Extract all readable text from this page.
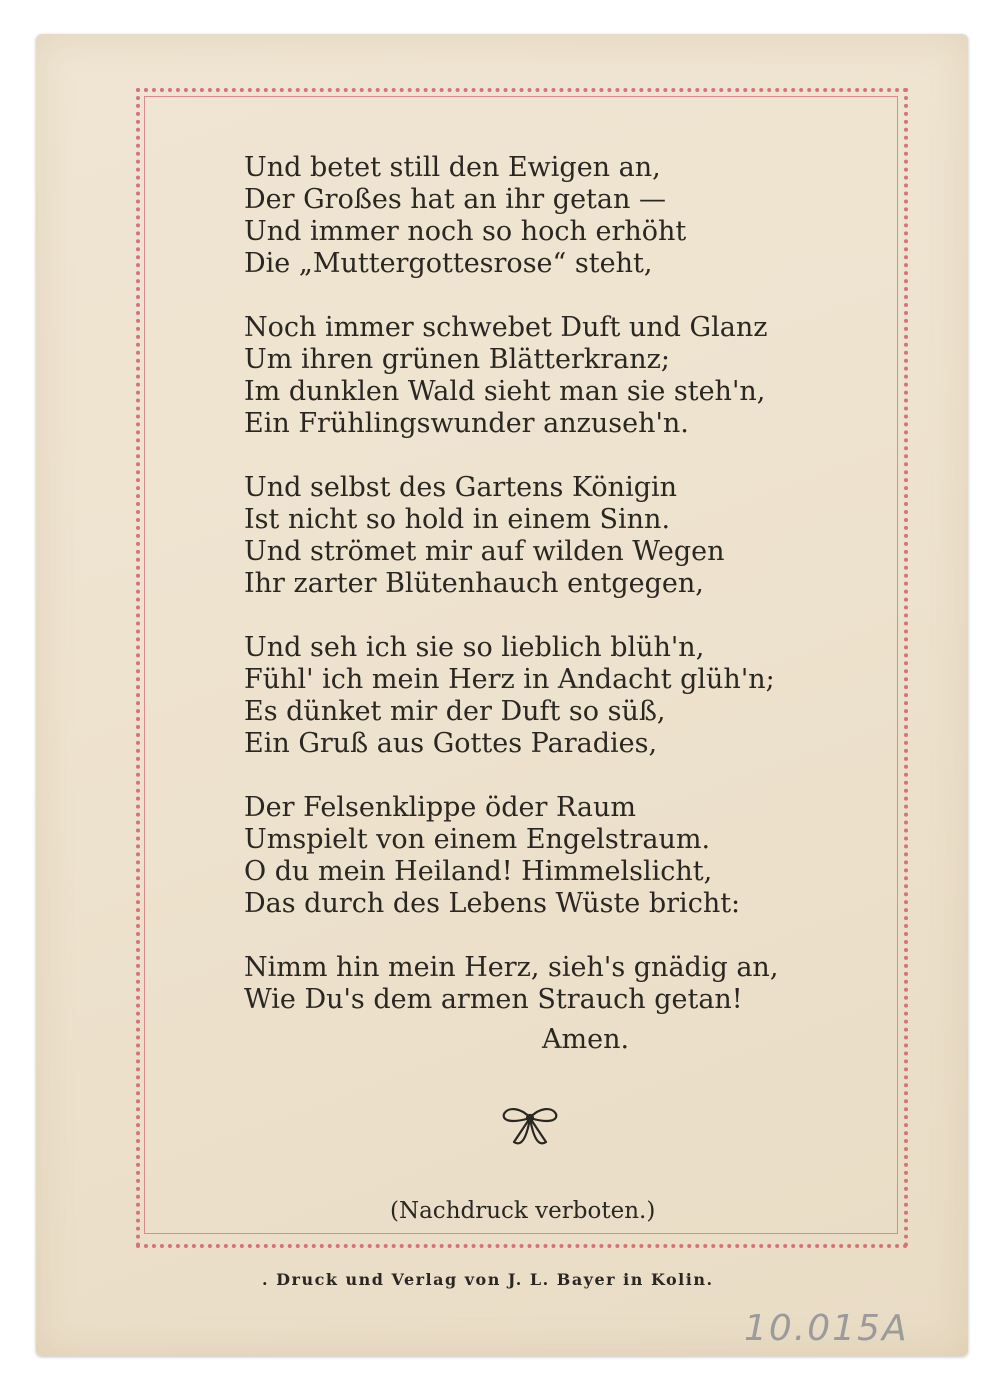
Und betet still den Ewigen an,
Der Großes hat an ihr getan —
Und immer noch so hoch erhöht
Die „Muttergottesrose“ steht,
Noch immer schwebet Duft und Glanz
Um ihren grünen Blätterkranz;
Im dunklen Wald sieht man sie steh'n,
Ein Frühlingswunder anzuseh'n.
Und selbst des Gartens Königin
Ist nicht so hold in einem Sinn.
Und strömet mir auf wilden Wegen
Ihr zarter Blütenhauch entgegen,
Und seh ich sie so lieblich blüh'n,
Fühl' ich mein Herz in Andacht glüh'n;
Es dünket mir der Duft so süß,
Ein Gruß aus Gottes Paradies,
Der Felsenklippe öder Raum
Umspielt von einem Engelstraum.
O du mein Heiland! Himmelslicht,
Das durch des Lebens Wüste bricht:
Nimm hin mein Herz, sieh's gnädig an,
Wie Du's dem armen Strauch getan!
Amen.
(Nachdruck verboten.)
. Druck und Verlag von J. L. Bayer in Kolin.
10.015A
